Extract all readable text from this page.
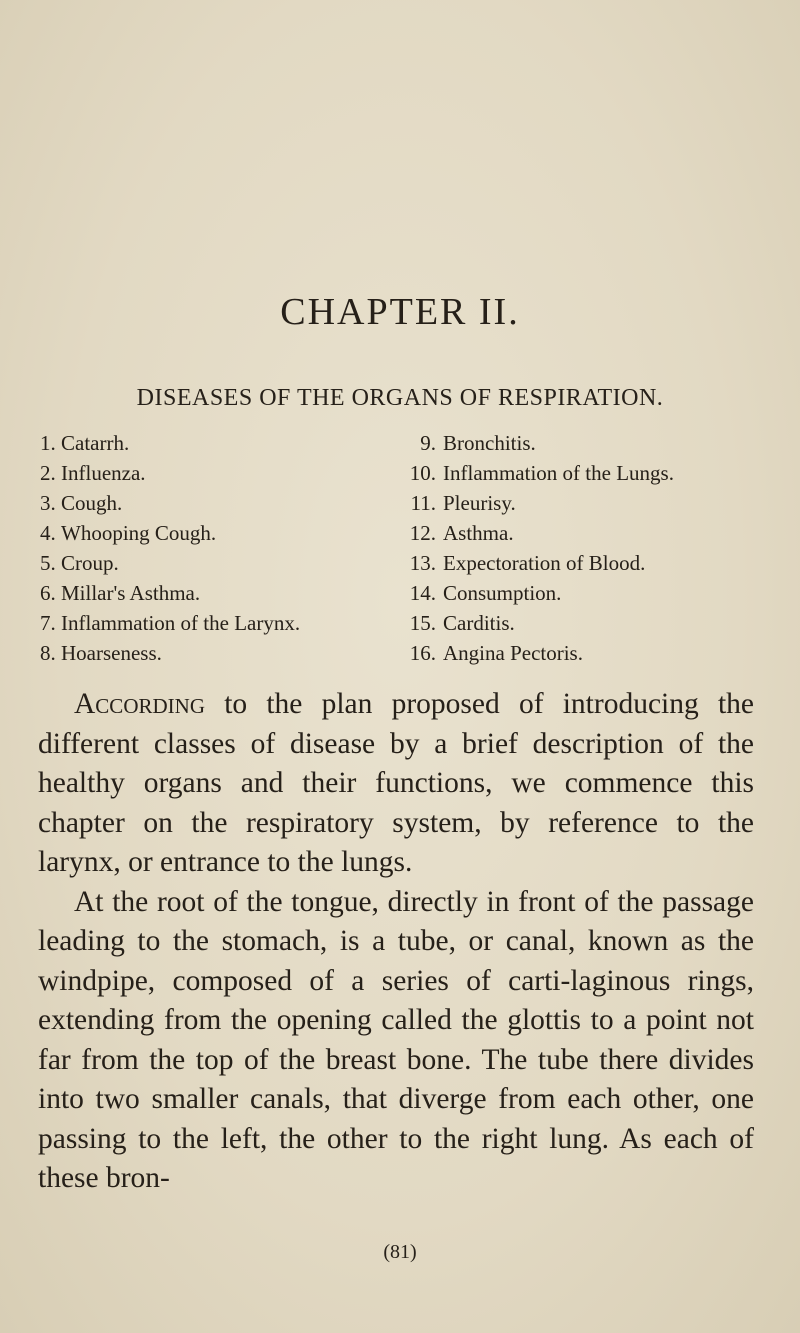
CHAPTER II.
DISEASES OF THE ORGANS OF RESPIRATION.
1. Catarrh.
2. Influenza.
3. Cough.
4. Whooping Cough.
5. Croup.
6. Millar's Asthma.
7. Inflammation of the Larynx.
8. Hoarseness.
9. Bronchitis.
10. Inflammation of the Lungs.
11. Pleurisy.
12. Asthma.
13. Expectoration of Blood.
14. Consumption.
15. Carditis.
16. Angina Pectoris.

According to the plan proposed of introducing the different classes of disease by a brief description of the healthy organs and their functions, we commence this chapter on the respiratory system, by reference to the larynx, or entrance to the lungs.

At the root of the tongue, directly in front of the passage leading to the stomach, is a tube, or canal, known as the windpipe, composed of a series of carti-laginous rings, extending from the opening called the glottis to a point not far from the top of the breast bone. The tube there divides into two smaller canals, that diverge from each other, one passing to the left, the other to the right lung. As each of these bron-

(81)
